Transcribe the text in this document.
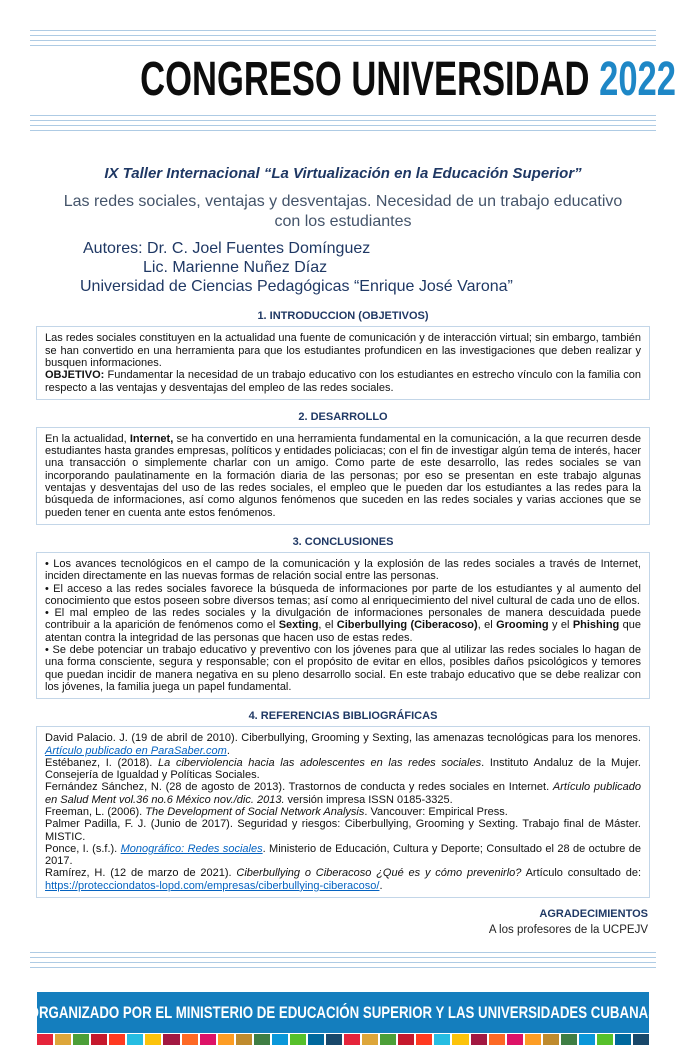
CONGRESO UNIVERSIDAD 2022
IX Taller Internacional “La Virtualización en la Educación Superior”
Las redes sociales, ventajas y desventajas. Necesidad de un trabajo educativo
con los estudiantes
Autores: Dr. C. Joel Fuentes Domínguez
Lic. Marienne Nuñez Díaz
Universidad de Ciencias Pedagógicas “Enrique José Varona”
1. INTRODUCCION (OBJETIVOS)

Las redes sociales constituyen en la actualidad una fuente de comunicación y de interacción virtual; sin embargo, también se han convertido en una herramienta para que los estudiantes profundicen en las investigaciones que deben realizar y busquen informaciones.

OBJETIVO: Fundamentar la necesidad de un trabajo educativo con los estudiantes en estrecho vínculo con la familia con respecto a las ventajas y desventajas del empleo de las redes sociales.

2. DESARROLLO

En la actualidad, Internet, se ha convertido en una herramienta fundamental en la comunicación, a la que recurren desde estudiantes hasta grandes empresas, políticos y entidades policiacas; con el fin de investigar algún tema de interés, hacer una transacción o simplemente charlar con un amigo. Como parte de este desarrollo, las redes sociales se van incorporando paulatinamente en la formación diaria de las personas; por eso se presentan en este trabajo algunas ventajas y desventajas del uso de las redes sociales, el empleo que le pueden dar los estudiantes a las redes para la búsqueda de informaciones, así como algunos fenómenos que suceden en las redes sociales y varias acciones que se pueden tener en cuenta ante estos fenómenos.

3. CONCLUSIONES

• Los avances tecnológicos en el campo de la comunicación y la explosión de las redes sociales a través de Internet, inciden directamente en las nuevas formas de relación social entre las personas.

• El acceso a las redes sociales favorece la búsqueda de informaciones por parte de los estudiantes y al aumento del conocimiento que estos poseen sobre diversos temas; así como al enriquecimiento del nivel cultural de cada uno de ellos.

• El mal empleo de las redes sociales y la divulgación de informaciones personales de manera descuidada puede contribuir a la aparición de fenómenos como el Sexting, el Ciberbullying (Ciberacoso), el Grooming y el Phishing que atentan contra la integridad de las personas que hacen uso de estas redes.

• Se debe potenciar un trabajo educativo y preventivo con los jóvenes para que al utilizar las redes sociales lo hagan de una forma consciente, segura y responsable; con el propósito de evitar en ellos, posibles daños psicológicos y temores que puedan incidir de manera negativa en su pleno desarrollo social. En este trabajo educativo que se debe realizar con los jóvenes, la familia juega un papel fundamental.

4. REFERENCIAS BIBLIOGRÁFICAS

David Palacio. J. (19 de abril de 2010). Ciberbullying, Grooming y Sexting, las amenazas tecnológicas para los menores. Artículo publicado en ParaSaber.com.

Estébanez, I. (2018). La ciberviolencia hacia las adolescentes en las redes sociales. Instituto Andaluz de la Mujer. Consejería de Igualdad y Políticas Sociales.

Fernández Sánchez, N. (28 de agosto de 2013). Trastornos de conducta y redes sociales en Internet. Artículo publicado en Salud Ment vol.36 no.6 México nov./dic. 2013. versión impresa ISSN 0185-3325.

Freeman, L. (2006). The Development of Social Network Analysis. Vancouver: Empirical Press.

Palmer Padilla, F. J. (Junio de 2017). Seguridad y riesgos: Ciberbullying, Grooming y Sexting. Trabajo final de Máster. MISTIC.

Ponce, I. (s.f.). Monográfico: Redes sociales. Ministerio de Educación, Cultura y Deporte; Consultado el 28 de octubre de 2017.

Ramírez, H. (12 de marzo de 2021). Ciberbullying o Ciberacoso ¿Qué es y cómo prevenirlo? Artículo consultado de: https://protecciondatos-lopd.com/empresas/ciberbullying-ciberacoso/.

AGRADECIMIENTOS
A los profesores de la UCPEJV
ORGANIZADO POR EL MINISTERIO DE EDUCACIÓN SUPERIOR Y LAS UNIVERSIDADES CUBANAS
